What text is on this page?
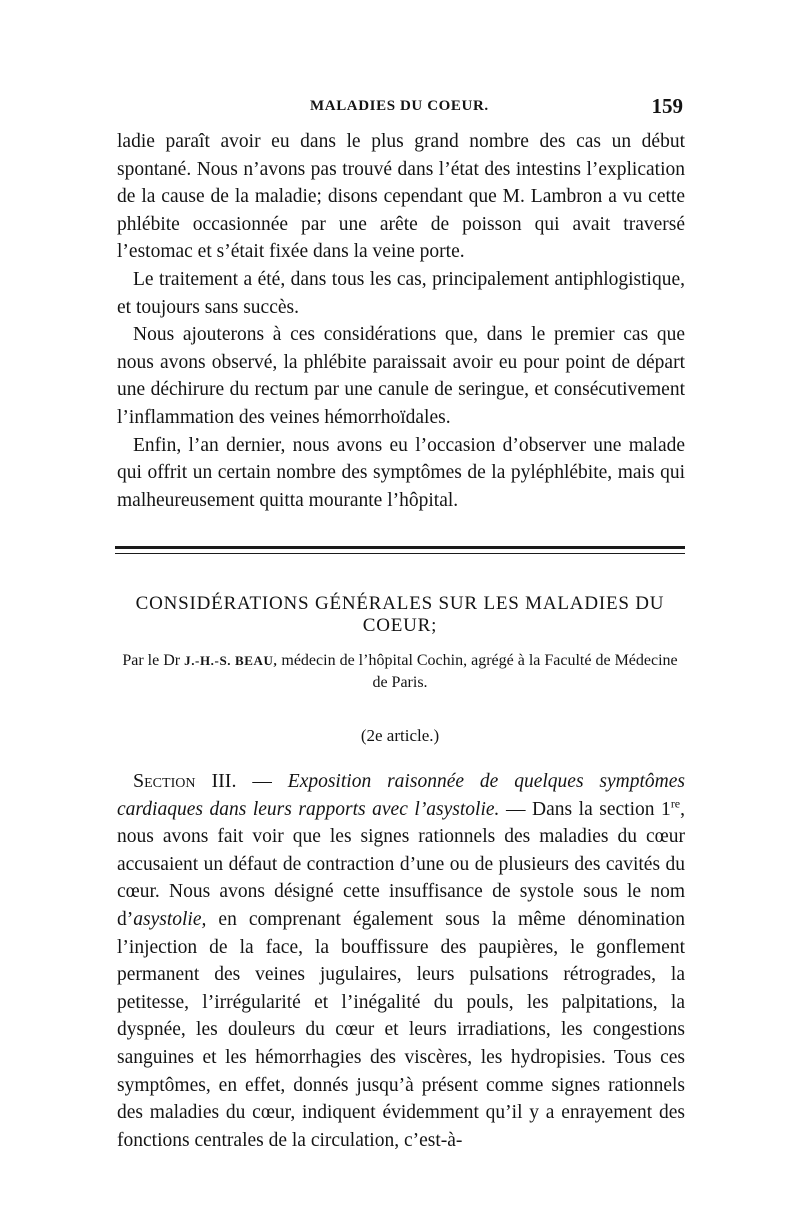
MALADIES DU COEUR.	159

ladie paraît avoir eu dans le plus grand nombre des cas un début spontané. Nous n’avons pas trouvé dans l’état des intestins l’explication de la cause de la maladie; disons cependant que M. Lambron a vu cette phlébite occasionnée par une arête de poisson qui avait traversé l’estomac et s’était fixée dans la veine porte.

Le traitement a été, dans tous les cas, principalement antiphlogistique, et toujours sans succès.

Nous ajouterons à ces considérations que, dans le premier cas que nous avons observé, la phlébite paraissait avoir eu pour point de départ une déchirure du rectum par une canule de seringue, et consécutivement l’inflammation des veines hémorrhoïdales.

Enfin, l’an dernier, nous avons eu l’occasion d’observer une malade qui offrit un certain nombre des symptômes de la pyléphlébite, mais qui malheureusement quitta mourante l’hôpital.

CONSIDÉRATIONS GÉNÉRALES SUR LES MALADIES DU COEUR;
Par le Dr J.-H.-S. BEAU, médecin de l’hôpital Cochin, agrégé à la Faculté de Médecine de Paris.
(2e article.)

Section III. — Exposition raisonnée de quelques symptômes cardiaques dans leurs rapports avec l’asystolie. — Dans la section 1re, nous avons fait voir que les signes rationnels des maladies du cœur accusaient un défaut de contraction d’une ou de plusieurs des cavités du cœur. Nous avons désigné cette insuffisance de systole sous le nom d’asystolie, en comprenant également sous la même dénomination l’injection de la face, la bouffissure des paupières, le gonflement permanent des veines jugulaires, leurs pulsations rétrogrades, la petitesse, l’irrégularité et l’inégalité du pouls, les palpitations, la dyspnée, les douleurs du cœur et leurs irradiations, les congestions sanguines et les hémorrhagies des viscères, les hydropisies. Tous ces symptômes, en effet, donnés jusqu’à présent comme signes rationnels des maladies du cœur, indiquent évidemment qu’il y a enrayement des fonctions centrales de la circulation, c’est-à-
